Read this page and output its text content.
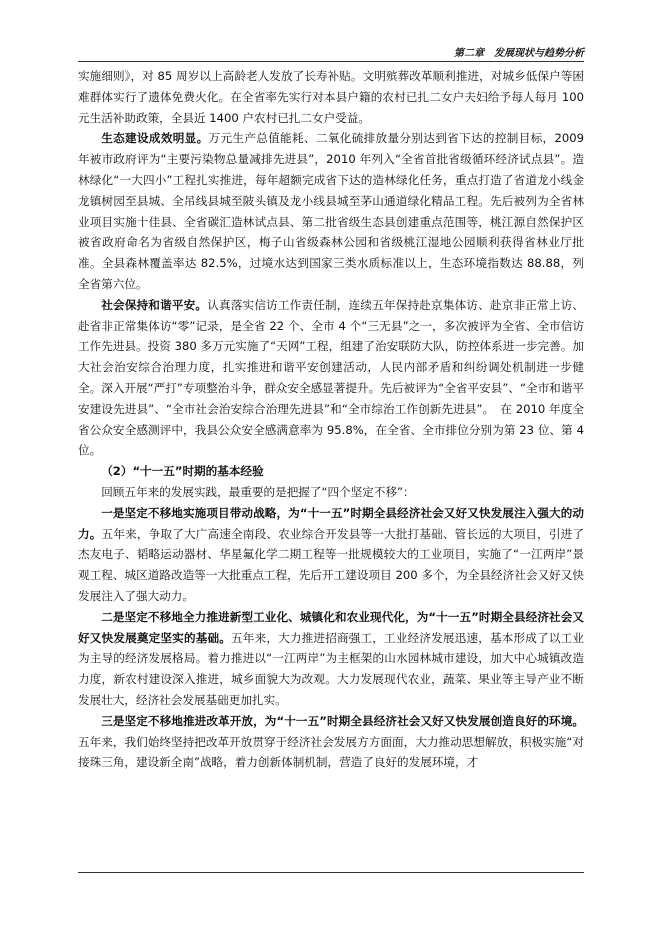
第二章　发展现状与趋势分析

实施细则》，对 85 周岁以上高龄老人发放了长寿补贴。文明殡葬改革顺利推进，对城乡低保户等困难群体实行了遗体免费火化。在全省率先实行对本县户籍的农村已扎二女户夫妇给予每人每月 100 元生活补助政策，全县近 1400 户农村已扎二女户受益。

生态建设成效明显。万元生产总值能耗、二氧化硫排放量分别达到省下达的控制目标，2009 年被市政府评为“主要污染物总量减排先进县”，2010 年列入“全省首批省级循环经济试点县”。造林绿化“一大四小”工程扎实推进，每年超额完成省下达的造林绿化任务，重点打造了省道龙小线金龙镇树园至县城、全吊线县城至陂头镇及龙小线县城至茅山通道绿化精品工程。先后被列为全省林业项目实施十佳县、全省碳汇造林试点县、第二批省级生态县创建重点范围等，桃江源自然保护区被省政府命名为省级自然保护区，梅子山省级森林公园和省级桃江湿地公园顺利获得省林业厅批准。全县森林覆盖率达 82.5%，过境水达到国家三类水质标准以上，生态环境指数达 88.88，列全省第六位。

社会保持和谐平安。认真落实信访工作责任制，连续五年保持赴京集体访、赴京非正常上访、赴省非正常集体访“零”记录，是全省 22 个、全市 4 个“三无县”之一，多次被评为全省、全市信访工作先进县。投资 380 多万元实施了“天网”工程，组建了治安联防大队，防控体系进一步完善。加大社会治安综合治理力度，扎实推进和谐平安创建活动，人民内部矛盾和纠纷调处机制进一步健全。深入开展“严打”专项整治斗争，群众安全感显著提升。先后被评为“全省平安县”、“全市和谐平安建设先进县”、“全市社会治安综合治理先进县”和“全市综治工作创新先进县”。　在 2010 年度全省公众安全感测评中，我县公众安全感满意率为 95.8%，在全省、全市排位分别为第 23 位、第 4 位。

（2）“十一五”时期的基本经验

回顾五年来的发展实践，最重要的是把握了“四个坚定不移”：

一是坚定不移地实施项目带动战略，为“十一五”时期全县经济社会又好又快发展注入强大的动力。五年来，争取了大广高速全南段、农业综合开发县等一大批打基础、管长远的大项目，引进了杰友电子、韬略运动器材、华星氟化学二期工程等一批规模较大的工业项目，实施了“一江两岸”景观工程、城区道路改造等一大批重点工程，先后开工建设项目 200 多个，为全县经济社会又好又快发展注入了强大动力。

二是坚定不移地全力推进新型工业化、城镇化和农业现代化，为“十一五”时期全县经济社会又好又快发展奠定坚实的基础。五年来，大力推进招商强工，工业经济发展迅速，基本形成了以工业为主导的经济发展格局。着力推进以“一江两岸”为主框架的山水园林城市建设，加大中心城镇改造力度，新农村建设深入推进，城乡面貌大为改观。大力发展现代农业，蔬菜、果业等主导产业不断发展壮大，经济社会发展基础更加扎实。

三是坚定不移地推进改革开放，为“十一五”时期全县经济社会又好又快发展创造良好的环境。五年来，我们始终坚持把改革开放贯穿于经济社会发展方方面面，大力推动思想解放，积极实施“对接珠三角，建设新全南”战略，着力创新体制机制，营造了良好的发展环境，才
